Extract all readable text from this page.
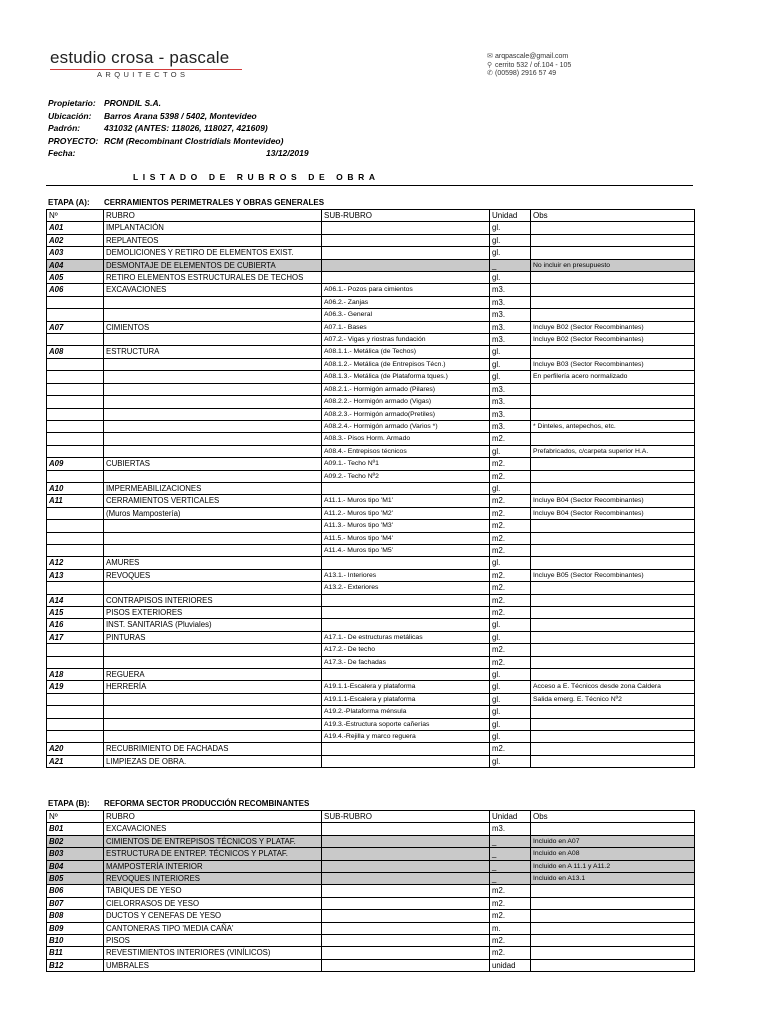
estudio crosa - pascale
ARQUITECTOS
✉ arqpascale@gmail.com
⚲ cerrito 532 / of.104 - 105
✆ (00598) 2916 57 49
Propietario: PRONDIL S.A.
Ubicación: Barros Arana 5398 / 5402, Montevideo
Padrón:	431032 (ANTES: 118026, 118027, 421609)
PROYECTO: RCM (Recombinant Clostridials Montevideo)
Fecha:	13/12/2019
LISTADO DE RUBROS DE OBRA
ETAPA (A): CERRAMIENTOS PERIMETRALES Y OBRAS GENERALES
Nº	RUBRO	SUB-RUBRO	Unidad	Obs
A01	IMPLANTACIÓN		gl.	
A02	REPLANTEOS		gl.	
A03	DEMOLICIONES Y RETIRO DE ELEMENTOS EXIST.		gl.	
A04	DESMONTAJE DE ELEMENTOS DE CUBIERTA		_	No incluir en presupuesto
A05	RETIRO ELEMENTOS ESTRUCTURALES DE TECHOS		gl.	
A06	EXCAVACIONES	A06.1.- Pozos para cimientos	m3.	
		A06.2.- Zanjas	m3.	
		A06.3.- General	m3.	
A07	CIMIENTOS	A07.1.- Bases	m3.	Incluye B02 (Sector Recombinantes)
		A07.2.- Vigas y riostras fundación	m3.	Incluye B02 (Sector Recombinantes)
A08	ESTRUCTURA	A08.1.1.- Metálica (de Techos)	gl.	
		A08.1.2.- Metálica (de Entrepisos Técn.)	gl.	Incluye B03 (Sector Recombinantes)
		A08.1.3.- Metálica (de Plataforma tques.)	gl.	En perfilería acero normalizado
		A08.2.1.- Hormigón armado (Pilares)	m3.	
		A08.2.2.- Hormigón armado (Vigas)	m3.	
		A08.2.3.- Hormigón armado(Pretiles)	m3.	
		A08.2.4.- Hormigón armado (Varios *)	m3.	* Dinteles, antepechos, etc.
		A08.3.- Pisos Horm. Armado	m2.	
		A08.4.- Entrepisos técnicos	gl.	Prefabricados, c/carpeta superior H.A.
A09	CUBIERTAS	A09.1.- Techo Nº1	m2.	
		A09.2.- Techo Nº2	m2.	
A10	IMPERMEABILIZACIONES		gl.	
A11	CERRAMIENTOS VERTICALES	A11.1.- Muros tipo 'M1'	m2.	Incluye B04 (Sector Recombinantes)
	(Muros Mampostería)	A11.2.- Muros tipo 'M2'	m2.	Incluye B04 (Sector Recombinantes)
		A11.3.- Muros tipo 'M3'	m2.	
		A11.5.- Muros tipo 'M4'	m2.	
		A11.4.- Muros tipo 'M5'	m2.	
A12	AMURES		gl.	
A13	REVOQUES	A13.1.- Interiores	m2.	Incluye B05 (Sector Recombinantes)
		A13.2.- Exteriores	m2.	
A14	CONTRAPISOS INTERIORES		m2.	
A15	PISOS EXTERIORES		m2.	
A16	INST. SANITARIAS (Pluviales)		gl.	
A17	PINTURAS	A17.1.- De estructuras metálicas	gl.	
		A17.2.- De techo	m2.	
		A17.3.- De fachadas	m2.	
A18	REGUERA		gl.	
A19	HERRERÍA	A19.1.1-Escalera y plataforma	gl.	Acceso a E. Técnicos desde zona Caldera
		A19.1.1-Escalera y plataforma	gl.	Salida emerg. E. Técnico Nº2
		A19.2.-Plataforma ménsula	gl.	
		A19.3.-Estructura soporte cañerías	gl.	
		A19.4.-Rejilla y marco reguera	gl.	
A20	RECUBRIMIENTO DE FACHADAS		m2.	
A21	LIMPIEZAS DE OBRA.		gl.	
ETAPA (B): REFORMA SECTOR PRODUCCIÓN RECOMBINANTES
Nº	RUBRO	SUB-RUBRO	Unidad	Obs
B01	EXCAVACIONES		m3.	
B02	CIMIENTOS DE ENTREPISOS TÉCNICOS Y PLATAF.		_	Incluido en A07
B03	ESTRUCTURA DE ENTREP. TÉCNICOS Y PLATAF.		_	Incluido en A08
B04	MAMPOSTERÍA INTERIOR		_	Incluido en A 11.1 y A11.2
B05	REVOQUES INTERIORES		_	Incluido en A13.1
B06	TABIQUES DE YESO		m2.	
B07	CIELORRASOS DE YESO		m2.	
B08	DUCTOS Y CENEFAS DE YESO		m2.	
B09	CANTONERAS TIPO 'MEDIA CAÑA'		m.	
B10	PISOS		m2.	
B11	REVESTIMIENTOS INTERIORES (VINÍLICOS)		m2.	
B12	UMBRALES		unidad	
